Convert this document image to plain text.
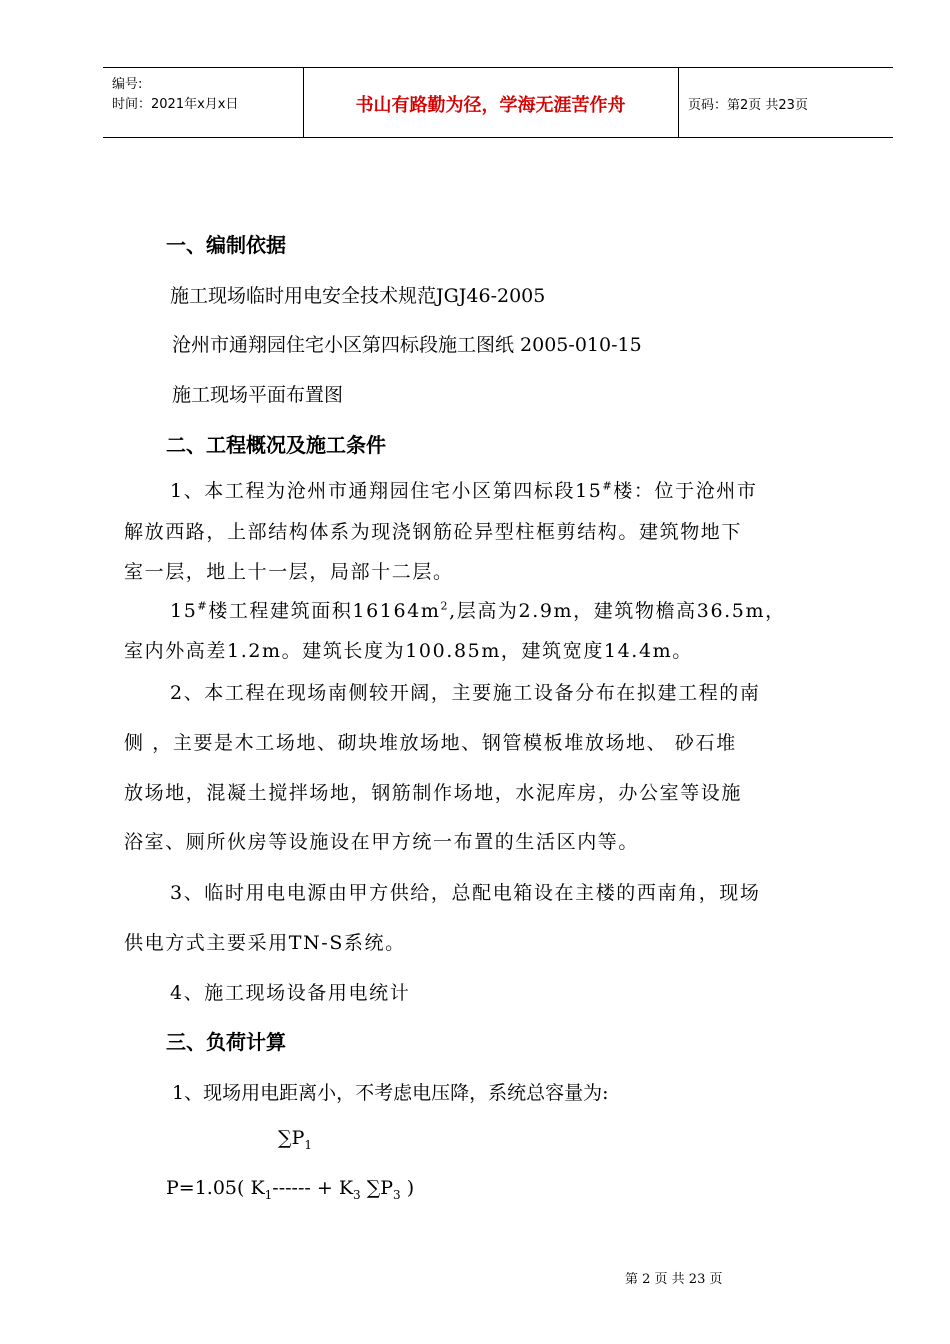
编号:
时间：2021年x月x日	书山有路勤为径，学海无涯苦作舟	页码：第2页 共23页
一、编制依据
施工现场临时用电安全技术规范JGJ46-2005
沧州市通翔园住宅小区第四标段施工图纸 2005-010-15
施工现场平面布置图
二、工程概况及施工条件
1、本工程为沧州市通翔园住宅小区第四标段15#楼：位于沧州市
解放西路，上部结构体系为现浇钢筋砼异型柱框剪结构。建筑物地下
室一层，地上十一层，局部十二层。
15#楼工程建筑面积$16164m^2$,层高为2.9m，建筑物檐高36.5m，
室内外高差1.2m。建筑长度为100.85m，建筑宽度14.4m。
2、本工程在现场南侧较开阔，主要施工设备分布在拟建工程的南
侧 ，主要是木工场地、砌块堆放场地、钢管模板堆放场地、 砂石堆
放场地，混凝土搅拌场地，钢筋制作场地，水泥库房，办公室等设施
浴室、厕所伙房等设施设在甲方统一布置的生活区内等。
3、临时用电电源由甲方供给，总配电箱设在主楼的西南角，现场
供电方式主要采用TN-S系统。
4、施工现场设备用电统计
三、负荷计算
1、现场用电距离小，不考虑电压降，系统总容量为:
$\sum P_1$
P=1.05( $K_1------ + K_3$ $\sum P_3$ )
第 2 页 共 23 页
